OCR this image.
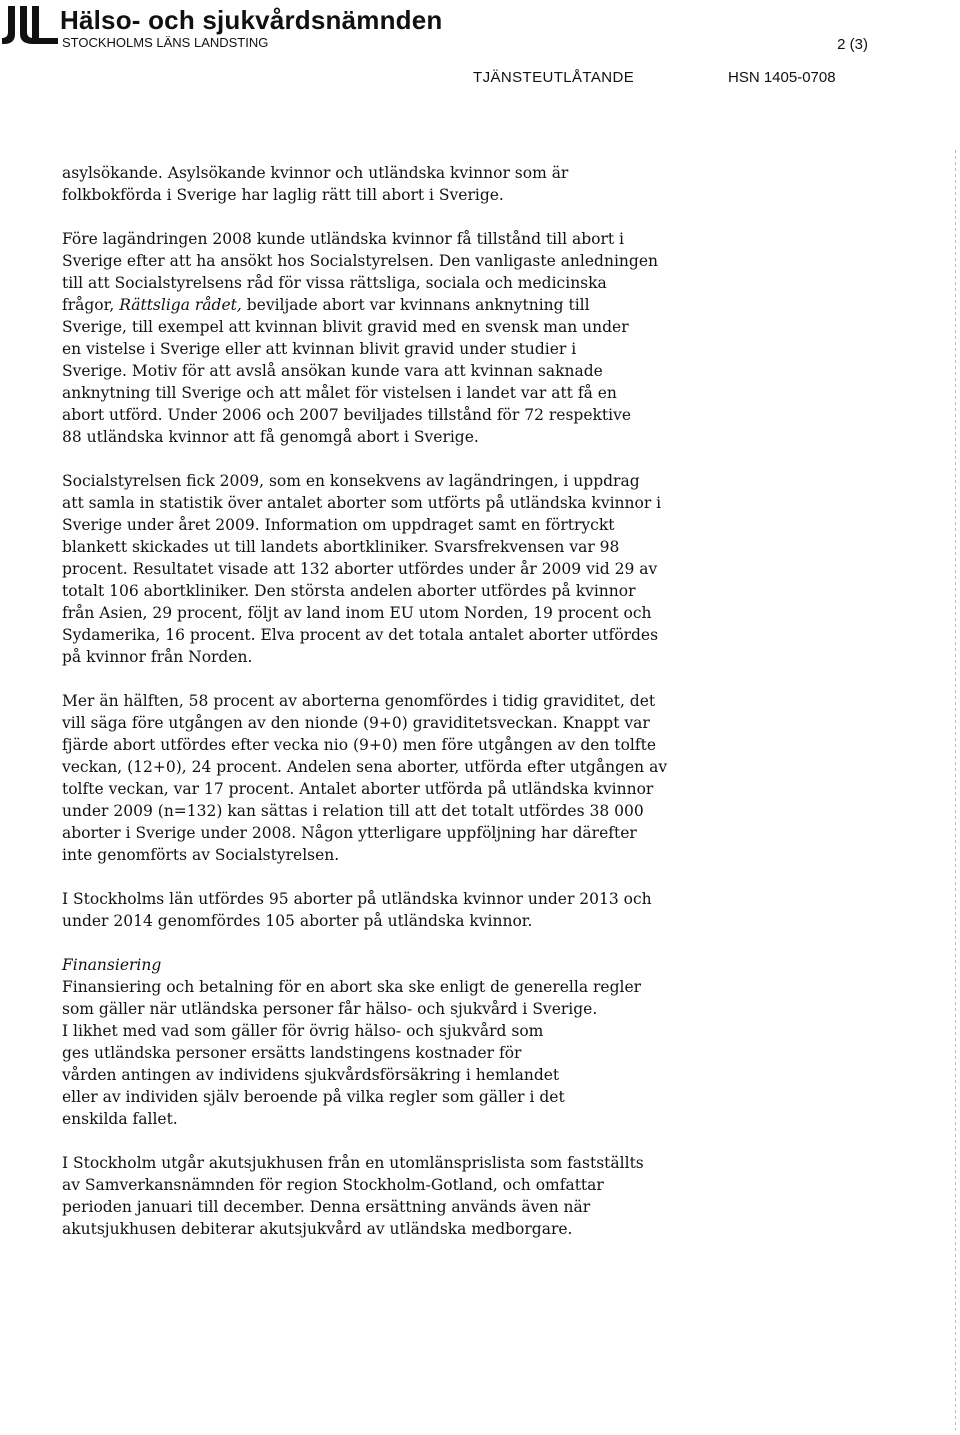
Hälso- och sjukvårdsnämnden
STOCKHOLMS LÄNS LANDSTING	2 (3)
TJÄNSTEUTLÅTANDE	HSN 1405-0708

asylsökande. Asylsökande kvinnor och utländska kvinnor som är
folkbokförda i Sverige har laglig rätt till abort i Sverige.

Före lagändringen 2008 kunde utländska kvinnor få tillstånd till abort i
Sverige efter att ha ansökt hos Socialstyrelsen. Den vanligaste anledningen
till att Socialstyrelsens råd för vissa rättsliga, sociala och medicinska
frågor, Rättsliga rådet, beviljade abort var kvinnans anknytning till
Sverige, till exempel att kvinnan blivit gravid med en svensk man under
en vistelse i Sverige eller att kvinnan blivit gravid under studier i
Sverige. Motiv för att avslå ansökan kunde vara att kvinnan saknade
anknytning till Sverige och att målet för vistelsen i landet var att få en
abort utförd. Under 2006 och 2007 beviljades tillstånd för 72 respektive
88 utländska kvinnor att få genomgå abort i Sverige.

Socialstyrelsen fick 2009, som en konsekvens av lagändringen, i uppdrag
att samla in statistik över antalet aborter som utförts på utländska kvinnor i
Sverige under året 2009. Information om uppdraget samt en förtryckt
blankett skickades ut till landets abortkliniker. Svarsfrekvensen var 98
procent. Resultatet visade att 132 aborter utfördes under år 2009 vid 29 av
totalt 106 abortkliniker. Den största andelen aborter utfördes på kvinnor
från Asien, 29 procent, följt av land inom EU utom Norden, 19 procent och
Sydamerika, 16 procent. Elva procent av det totala antalet aborter utfördes
på kvinnor från Norden.

Mer än hälften, 58 procent av aborterna genomfördes i tidig graviditet, det
vill säga före utgången av den nionde (9+0) graviditetsveckan. Knappt var
fjärde abort utfördes efter vecka nio (9+0) men före utgången av den tolfte
veckan, (12+0), 24 procent. Andelen sena aborter, utförda efter utgången av
tolfte veckan, var 17 procent. Antalet aborter utförda på utländska kvinnor
under 2009 (n=132) kan sättas i relation till att det totalt utfördes 38 000
aborter i Sverige under 2008. Någon ytterligare uppföljning har därefter
inte genomförts av Socialstyrelsen.

I Stockholms län utfördes 95 aborter på utländska kvinnor under 2013 och
under 2014 genomfördes 105 aborter på utländska kvinnor.

Finansiering
Finansiering och betalning för en abort ska ske enligt de generella regler
som gäller när utländska personer får hälso- och sjukvård i Sverige.
I likhet med vad som gäller för övrig hälso- och sjukvård som
ges utländska personer ersätts landstingens kostnader för
vården antingen av individens sjukvårdsförsäkring i hemlandet
eller av individen själv beroende på vilka regler som gäller i det
enskilda fallet.

I Stockholm utgår akutsjukhusen från en utomlänsprislista som fastställts
av Samverkansnämnden för region Stockholm-Gotland, och omfattar
perioden januari till december. Denna ersättning används även när
akutsjukhusen debiterar akutsjukvård av utländska medborgare.
